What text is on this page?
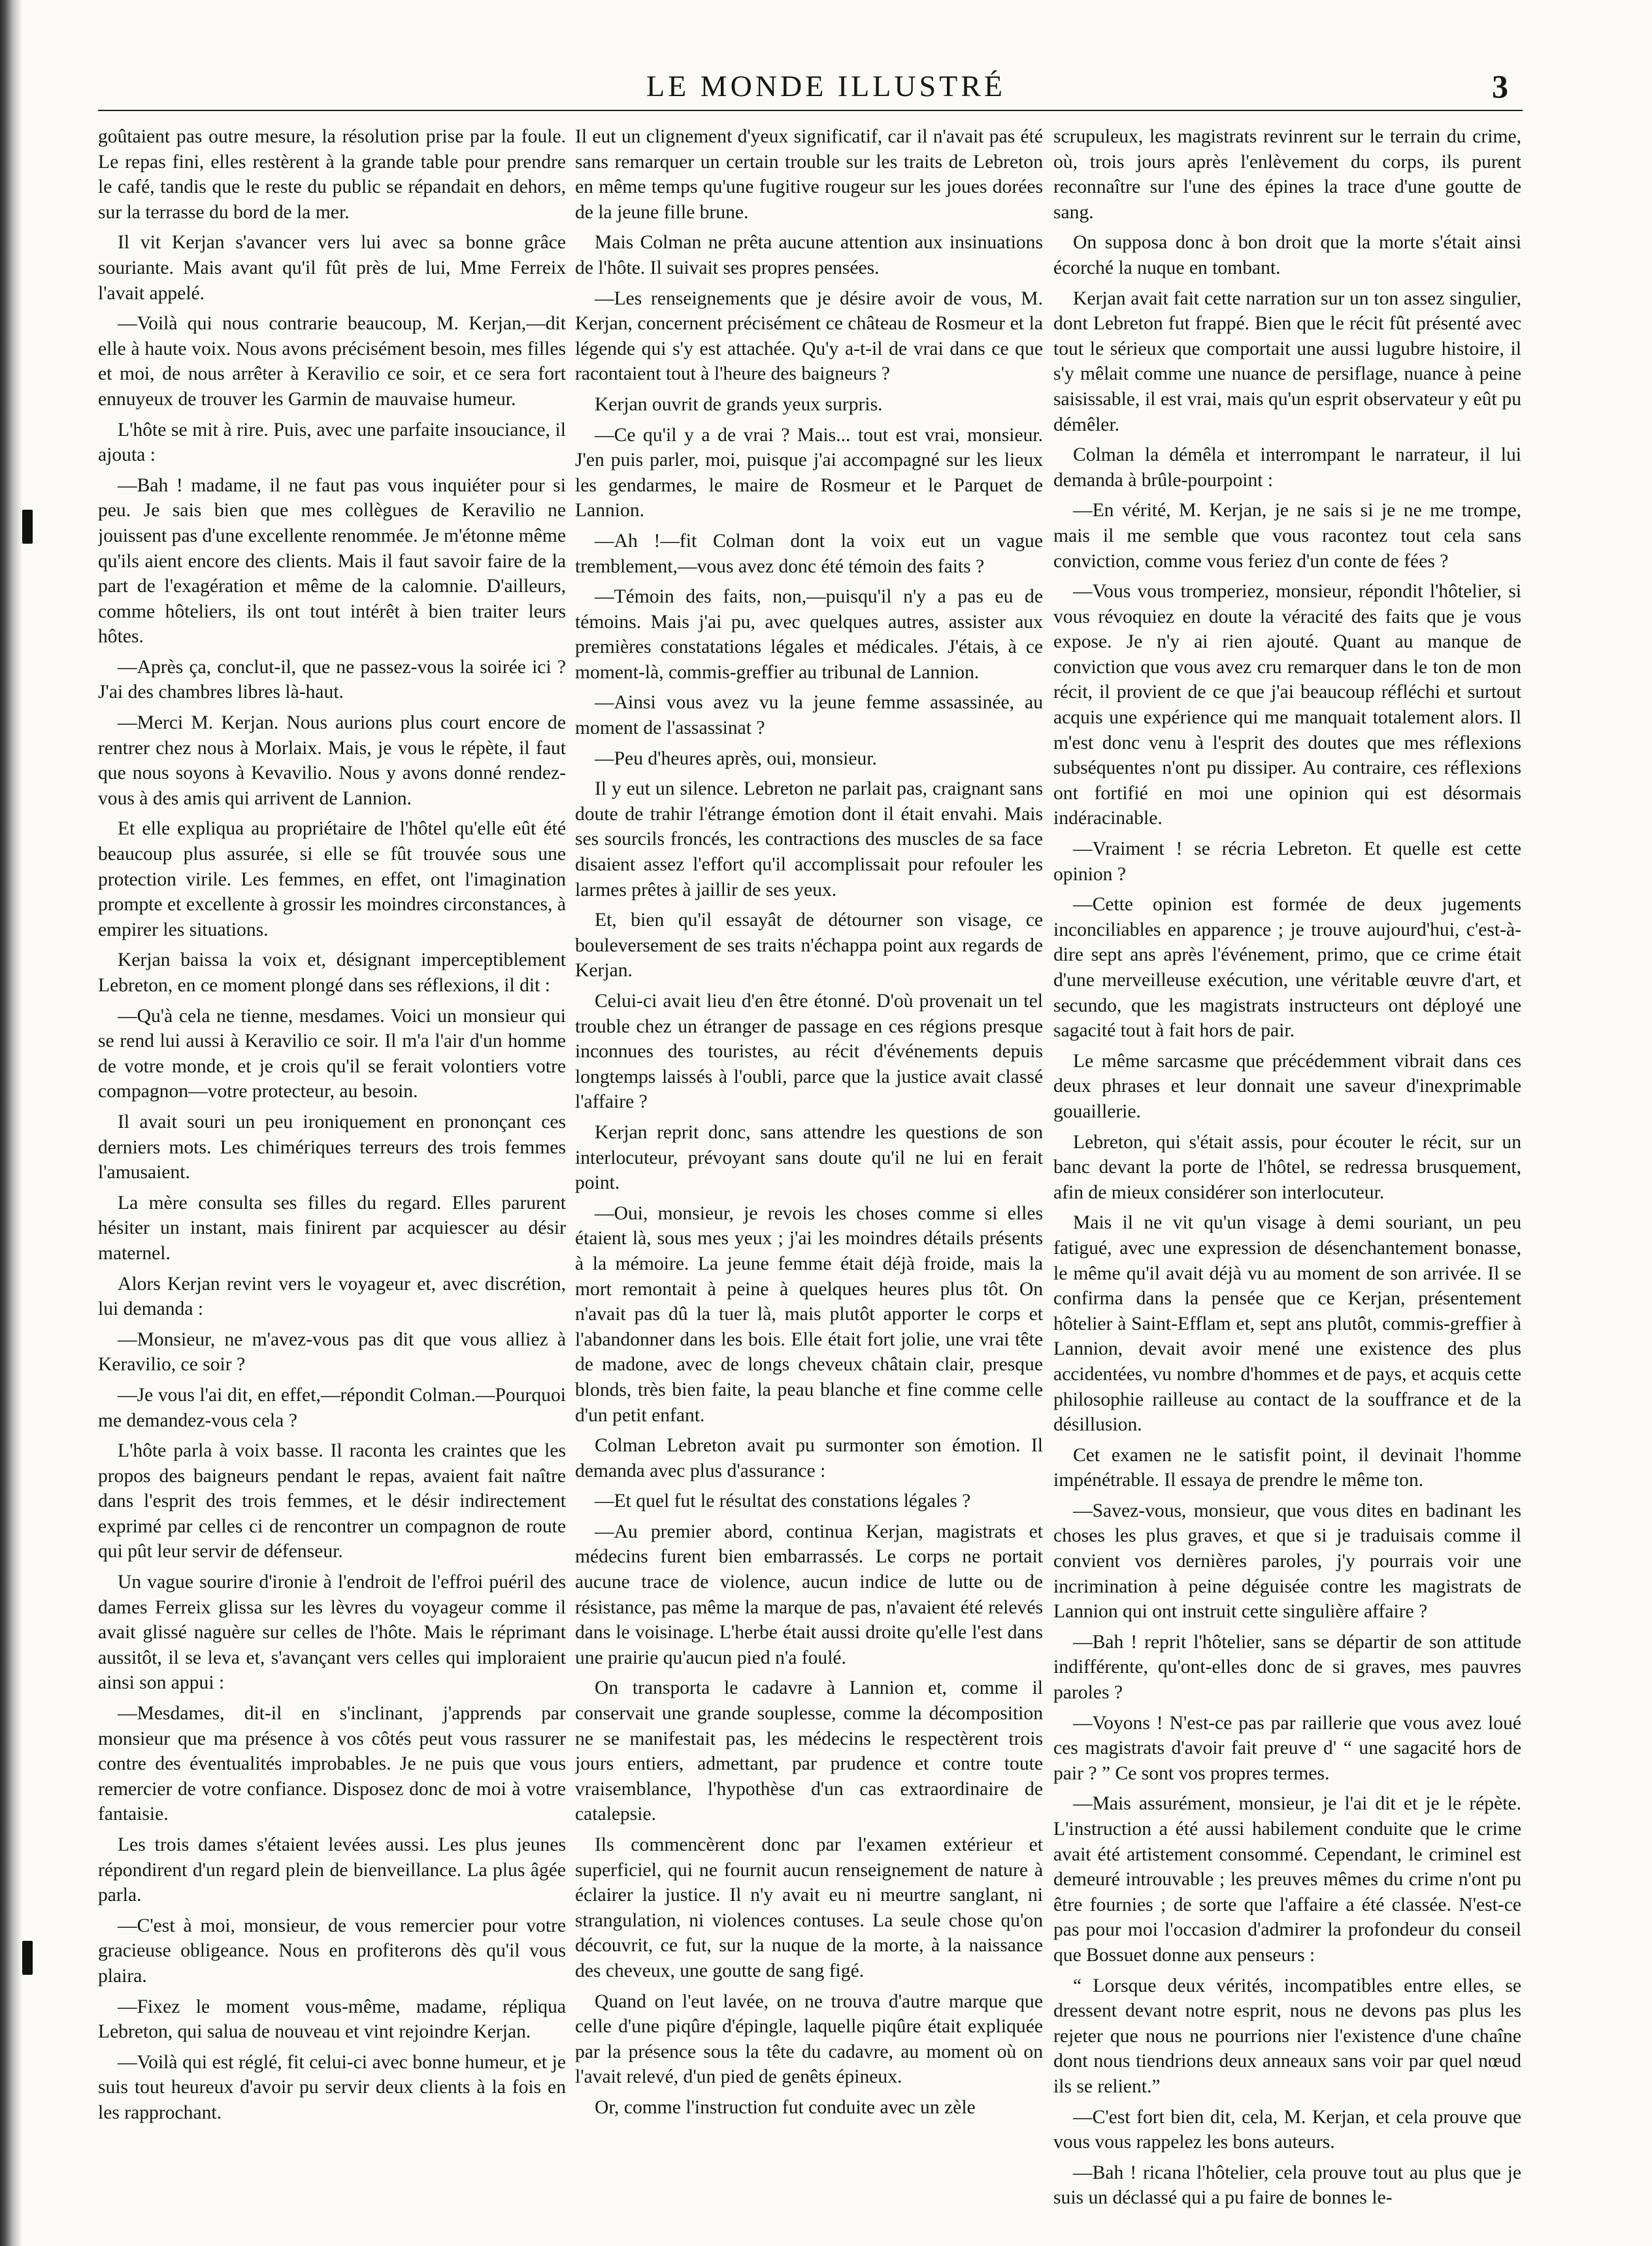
LE MONDE ILLUSTRÉ	3

goûtaient pas outre mesure, la résolution prise par la foule. Le repas fini, elles restèrent à la grande table pour prendre le café, tandis que le reste du public se répandait en dehors, sur la terrasse du bord de la mer.

Il vit Kerjan s'avancer vers lui avec sa bonne grâce souriante. Mais avant qu'il fût près de lui, Mme Ferreix l'avait appelé.

—Voilà qui nous contrarie beaucoup, M. Kerjan,—dit elle à haute voix. Nous avons précisément besoin, mes filles et moi, de nous arrêter à Keravilio ce soir, et ce sera fort ennuyeux de trouver les Garmin de mauvaise humeur.

L'hôte se mit à rire. Puis, avec une parfaite insouciance, il ajouta :

—Bah ! madame, il ne faut pas vous inquiéter pour si peu. Je sais bien que mes collègues de Keravilio ne jouissent pas d'une excellente renommée. Je m'étonne même qu'ils aient encore des clients. Mais il faut savoir faire de la part de l'exagération et même de la calomnie. D'ailleurs, comme hôteliers, ils ont tout intérêt à bien traiter leurs hôtes.

—Après ça, conclut-il, que ne passez-vous la soirée ici ? J'ai des chambres libres là-haut.

—Merci M. Kerjan. Nous aurions plus court encore de rentrer chez nous à Morlaix. Mais, je vous le répète, il faut que nous soyons à Kevavilio. Nous y avons donné rendez-vous à des amis qui arrivent de Lannion.

Et elle expliqua au propriétaire de l'hôtel qu'elle eût été beaucoup plus assurée, si elle se fût trouvée sous une protection virile. Les femmes, en effet, ont l'imagination prompte et excellente à grossir les moindres circonstances, à empirer les situations.

Kerjan baissa la voix et, désignant imperceptiblement Lebreton, en ce moment plongé dans ses réflexions, il dit :

—Qu'à cela ne tienne, mesdames. Voici un monsieur qui se rend lui aussi à Keravilio ce soir. Il m'a l'air d'un homme de votre monde, et je crois qu'il se ferait volontiers votre compagnon—votre protecteur, au besoin.

Il avait souri un peu ironiquement en prononçant ces derniers mots. Les chimériques terreurs des trois femmes l'amusaient.

La mère consulta ses filles du regard. Elles parurent hésiter un instant, mais finirent par acquiescer au désir maternel.

Alors Kerjan revint vers le voyageur et, avec discrétion, lui demanda :

—Monsieur, ne m'avez-vous pas dit que vous alliez à Keravilio, ce soir ?

—Je vous l'ai dit, en effet,—répondit Colman.—Pourquoi me demandez-vous cela ?

L'hôte parla à voix basse. Il raconta les craintes que les propos des baigneurs pendant le repas, avaient fait naître dans l'esprit des trois femmes, et le désir indirectement exprimé par celles ci de rencontrer un compagnon de route qui pût leur servir de défenseur.

Un vague sourire d'ironie à l'endroit de l'effroi puéril des dames Ferreix glissa sur les lèvres du voyageur comme il avait glissé naguère sur celles de l'hôte. Mais le réprimant aussitôt, il se leva et, s'avançant vers celles qui imploraient ainsi son appui :

—Mesdames, dit-il en s'inclinant, j'apprends par monsieur que ma présence à vos côtés peut vous rassurer contre des éventualités improbables. Je ne puis que vous remercier de votre confiance. Disposez donc de moi à votre fantaisie.

Les trois dames s'étaient levées aussi. Les plus jeunes répondirent d'un regard plein de bienveillance. La plus âgée parla.

—C'est à moi, monsieur, de vous remercier pour votre gracieuse obligeance. Nous en profiterons dès qu'il vous plaira.

—Fixez le moment vous-même, madame, répliqua Lebreton, qui salua de nouveau et vint rejoindre Kerjan.

—Voilà qui est réglé, fit celui-ci avec bonne humeur, et je suis tout heureux d'avoir pu servir deux clients à la fois en les rapprochant.

Il eut un clignement d'yeux significatif, car il n'avait pas été sans remarquer un certain trouble sur les traits de Lebreton en même temps qu'une fugitive rougeur sur les joues dorées de la jeune fille brune.

Mais Colman ne prêta aucune attention aux insinuations de l'hôte. Il suivait ses propres pensées.

—Les renseignements que je désire avoir de vous, M. Kerjan, concernent précisément ce château de Rosmeur et la légende qui s'y est attachée. Qu'y a-t-il de vrai dans ce que racontaient tout à l'heure des baigneurs ?

Kerjan ouvrit de grands yeux surpris.

—Ce qu'il y a de vrai ? Mais... tout est vrai, monsieur. J'en puis parler, moi, puisque j'ai accompagné sur les lieux les gendarmes, le maire de Rosmeur et le Parquet de Lannion.

—Ah !—fit Colman dont la voix eut un vague tremblement,—vous avez donc été témoin des faits ?

—Témoin des faits, non,—puisqu'il n'y a pas eu de témoins. Mais j'ai pu, avec quelques autres, assister aux premières constatations légales et médicales. J'étais, à ce moment-là, commis-greffier au tribunal de Lannion.

—Ainsi vous avez vu la jeune femme assassinée, au moment de l'assassinat ?

—Peu d'heures après, oui, monsieur.

Il y eut un silence. Lebreton ne parlait pas, craignant sans doute de trahir l'étrange émotion dont il était envahi. Mais ses sourcils froncés, les contractions des muscles de sa face disaient assez l'effort qu'il accomplissait pour refouler les larmes prêtes à jaillir de ses yeux.

Et, bien qu'il essayât de détourner son visage, ce bouleversement de ses traits n'échappa point aux regards de Kerjan.

Celui-ci avait lieu d'en être étonné. D'où provenait un tel trouble chez un étranger de passage en ces régions presque inconnues des touristes, au récit d'événements depuis longtemps laissés à l'oubli, parce que la justice avait classé l'affaire ?

Kerjan reprit donc, sans attendre les questions de son interlocuteur, prévoyant sans doute qu'il ne lui en ferait point.

—Oui, monsieur, je revois les choses comme si elles étaient là, sous mes yeux ; j'ai les moindres détails présents à la mémoire. La jeune femme était déjà froide, mais la mort remontait à peine à quelques heures plus tôt. On n'avait pas dû la tuer là, mais plutôt apporter le corps et l'abandonner dans les bois. Elle était fort jolie, une vrai tête de madone, avec de longs cheveux châtain clair, presque blonds, très bien faite, la peau blanche et fine comme celle d'un petit enfant.

Colman Lebreton avait pu surmonter son émotion. Il demanda avec plus d'assurance :

—Et quel fut le résultat des constations légales ?

—Au premier abord, continua Kerjan, magistrats et médecins furent bien embarrassés. Le corps ne portait aucune trace de violence, aucun indice de lutte ou de résistance, pas même la marque de pas, n'avaient été relevés dans le voisinage. L'herbe était aussi droite qu'elle l'est dans une prairie qu'aucun pied n'a foulé.

On transporta le cadavre à Lannion et, comme il conservait une grande souplesse, comme la décomposition ne se manifestait pas, les médecins le respectèrent trois jours entiers, admettant, par prudence et contre toute vraisemblance, l'hypothèse d'un cas extraordinaire de catalepsie.

Ils commencèrent donc par l'examen extérieur et superficiel, qui ne fournit aucun renseignement de nature à éclairer la justice. Il n'y avait eu ni meurtre sanglant, ni strangulation, ni violences contuses. La seule chose qu'on découvrit, ce fut, sur la nuque de la morte, à la naissance des cheveux, une goutte de sang figé.

Quand on l'eut lavée, on ne trouva d'autre marque que celle d'une piqûre d'épingle, laquelle piqûre était expliquée par la présence sous la tête du cadavre, au moment où on l'avait relevé, d'un pied de genêts épineux.

Or, comme l'instruction fut conduite avec un zèle

scrupuleux, les magistrats revinrent sur le terrain du crime, où, trois jours après l'enlèvement du corps, ils purent reconnaître sur l'une des épines la trace d'une goutte de sang.

On supposa donc à bon droit que la morte s'était ainsi écorché la nuque en tombant.

Kerjan avait fait cette narration sur un ton assez singulier, dont Lebreton fut frappé. Bien que le récit fût présenté avec tout le sérieux que comportait une aussi lugubre histoire, il s'y mêlait comme une nuance de persiflage, nuance à peine saisissable, il est vrai, mais qu'un esprit observateur y eût pu démêler.

Colman la démêla et interrompant le narrateur, il lui demanda à brûle-pourpoint :

—En vérité, M. Kerjan, je ne sais si je ne me trompe, mais il me semble que vous racontez tout cela sans conviction, comme vous feriez d'un conte de fées ?

—Vous vous tromperiez, monsieur, répondit l'hôtelier, si vous révoquiez en doute la véracité des faits que je vous expose. Je n'y ai rien ajouté. Quant au manque de conviction que vous avez cru remarquer dans le ton de mon récit, il provient de ce que j'ai beaucoup réfléchi et surtout acquis une expérience qui me manquait totalement alors. Il m'est donc venu à l'esprit des doutes que mes réflexions subséquentes n'ont pu dissiper. Au contraire, ces réflexions ont fortifié en moi une opinion qui est désormais indéracinable.

—Vraiment ! se récria Lebreton. Et quelle est cette opinion ?

—Cette opinion est formée de deux jugements inconciliables en apparence ; je trouve aujourd'hui, c'est-à-dire sept ans après l'événement, primo, que ce crime était d'une merveilleuse exécution, une véritable œuvre d'art, et secundo, que les magistrats instructeurs ont déployé une sagacité tout à fait hors de pair.

Le même sarcasme que précédemment vibrait dans ces deux phrases et leur donnait une saveur d'inexprimable gouaillerie.

Lebreton, qui s'était assis, pour écouter le récit, sur un banc devant la porte de l'hôtel, se redressa brusquement, afin de mieux considérer son interlocuteur.

Mais il ne vit qu'un visage à demi souriant, un peu fatigué, avec une expression de désenchantement bonasse, le même qu'il avait déjà vu au moment de son arrivée. Il se confirma dans la pensée que ce Kerjan, présentement hôtelier à Saint-Efflam et, sept ans plutôt, commis-greffier à Lannion, devait avoir mené une existence des plus accidentées, vu nombre d'hommes et de pays, et acquis cette philosophie railleuse au contact de la souffrance et de la désillusion.

Cet examen ne le satisfit point, il devinait l'homme impénétrable. Il essaya de prendre le même ton.

—Savez-vous, monsieur, que vous dites en badinant les choses les plus graves, et que si je traduisais comme il convient vos dernières paroles, j'y pourrais voir une incrimination à peine déguisée contre les magistrats de Lannion qui ont instruit cette singulière affaire ?

—Bah ! reprit l'hôtelier, sans se départir de son attitude indifférente, qu'ont-elles donc de si graves, mes pauvres paroles ?

—Voyons ! N'est-ce pas par raillerie que vous avez loué ces magistrats d'avoir fait preuve d' “ une sagacité hors de pair ? ” Ce sont vos propres termes.

—Mais assurément, monsieur, je l'ai dit et je le répète. L'instruction a été aussi habilement conduite que le crime avait été artistement consommé. Cependant, le criminel est demeuré introuvable ; les preuves mêmes du crime n'ont pu être fournies ; de sorte que l'affaire a été classée. N'est-ce pas pour moi l'occasion d'admirer la profondeur du conseil que Bossuet donne aux penseurs :

“ Lorsque deux vérités, incompatibles entre elles, se dressent devant notre esprit, nous ne devons pas plus les rejeter que nous ne pourrions nier l'existence d'une chaîne dont nous tiendrions deux anneaux sans voir par quel nœud ils se relient.”

—C'est fort bien dit, cela, M. Kerjan, et cela prouve que vous vous rappelez les bons auteurs.

—Bah ! ricana l'hôtelier, cela prouve tout au plus que je suis un déclassé qui a pu faire de bonnes le-
